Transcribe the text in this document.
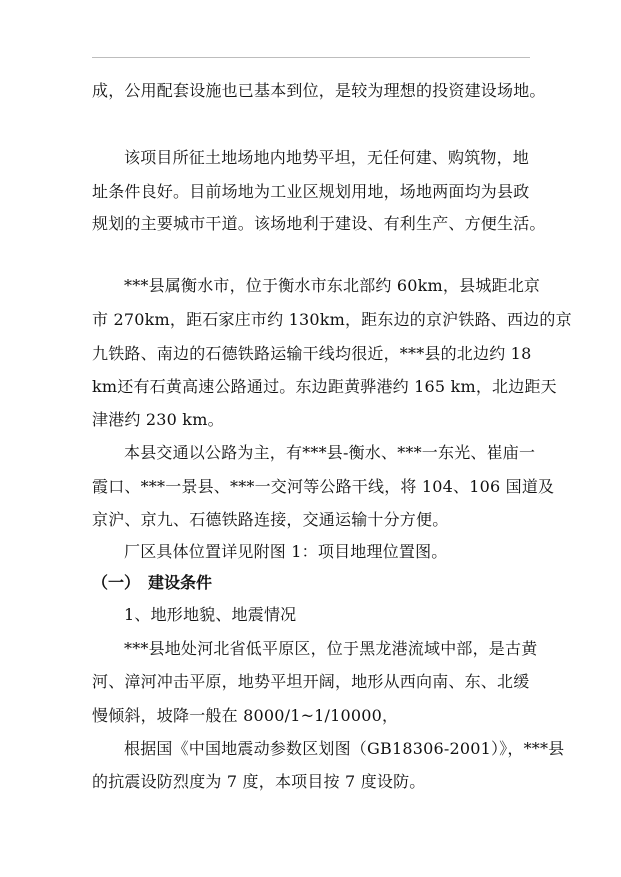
成，公用配套设施也已基本到位，是较为理想的投资建设场地。
该项目所征土地场地内地势平坦，无任何建、购筑物，地
址条件良好。目前场地为工业区规划用地，场地两面均为县政
规划的主要城市干道。该场地利于建设、有利生产、方便生活。
***县属衡水市，位于衡水市东北部约 60km，县城距北京
市 270km，距石家庄市约 130km，距东边的京沪铁路、西边的京
九铁路、南边的石德铁路运输干线均很近，***县的北边约 18
km还有石黄高速公路通过。东边距黄骅港约 165 km，北边距天
津港约 230 km。
本县交通以公路为主，有***县-衡水、***一东光、崔庙一
霞口、***一景县、***一交河等公路干线，将 104、106 国道及
京沪、京九、石德铁路连接，交通运输十分方便。
厂区具体位置详见附图 1：项目地理位置图。
（一） 建设条件
1、地形地貌、地震情况
***县地处河北省低平原区，位于黑龙港流域中部，是古黄
河、漳河冲击平原，地势平坦开阔，地形从西向南、东、北缓
慢倾斜，坡降一般在 8000/1~1/10000，
根据国《中国地震动参数区划图（GB18306-2001）》，***县
的抗震设防烈度为 7 度，本项目按 7 度设防。
